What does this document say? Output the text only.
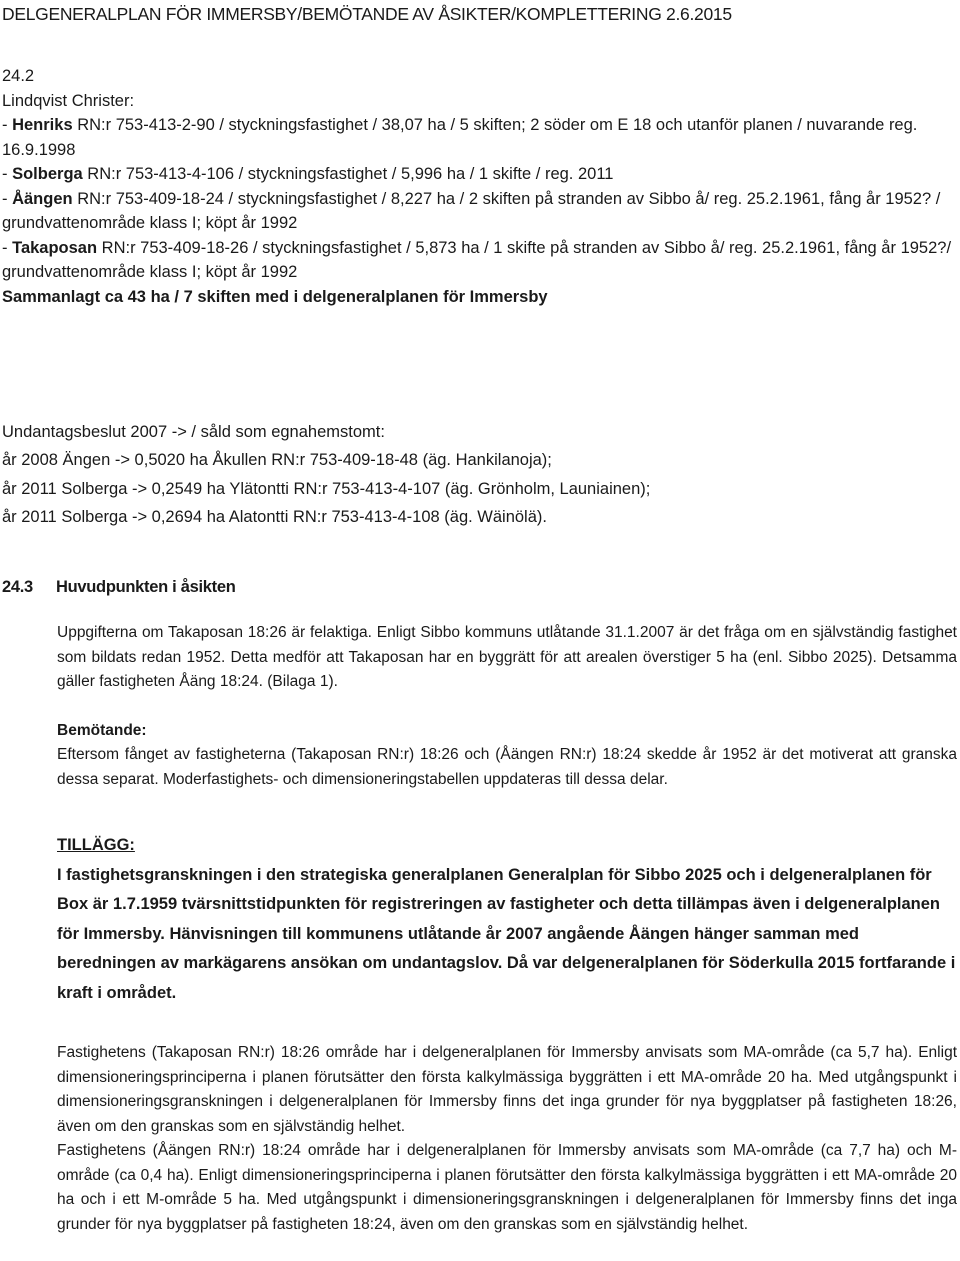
DELGENERALPLAN FÖR IMMERSBY/BEMÖTANDE AV ÅSIKTER/KOMPLETTERING 2.6.2015

24.2

Lindqvist Christer:

- Henriks RN:r 753-413-2-90 / styckningsfastighet / 38,07 ha / 5 skiften; 2 söder om E 18 och utanför planen / nuvarande reg. 16.9.1998

- Solberga RN:r 753-413-4-106 / styckningsfastighet / 5,996 ha / 1 skifte / reg. 2011

- Åängen RN:r 753-409-18-24 / styckningsfastighet / 8,227 ha / 2 skiften på stranden av Sibbo å/ reg. 25.2.1961, fång år 1952? / grundvattenområde klass I; köpt år 1992

- Takaposan RN:r 753-409-18-26 / styckningsfastighet / 5,873 ha / 1 skifte på stranden av Sibbo å/ reg. 25.2.1961, fång år 1952?/ grundvattenområde klass I; köpt år 1992

Sammanlagt ca 43 ha / 7 skiften med i delgeneralplanen för Immersby

Undantagsbeslut 2007 -> / såld som egnahemstomt:

år 2008 Ängen -> 0,5020 ha Åkullen RN:r 753-409-18-48 (äg. Hankilanoja);

år 2011 Solberga -> 0,2549 ha Ylätontti RN:r 753-413-4-107 (äg. Grönholm, Launiainen);

år 2011 Solberga -> 0,2694 ha Alatontti RN:r 753-413-4-108 (äg. Wäinölä).

24.3 Huvudpunkten i åsikten

Uppgifterna om Takaposan 18:26 är felaktiga. Enligt Sibbo kommuns utlåtande 31.1.2007 är det fråga om en självständig fastighet som bildats redan 1952. Detta medför att Takaposan har en byggrätt för att arealen överstiger 5 ha (enl. Sibbo 2025). Detsamma gäller fastigheten Åäng 18:24. (Bilaga 1).

Bemötande:

Eftersom fånget av fastigheterna (Takaposan RN:r) 18:26 och (Åängen RN:r) 18:24 skedde år 1952 är det motiverat att granska dessa separat. Moderfastighets- och dimensioneringstabellen uppdateras till dessa delar.

TILLÄGG:

I fastighetsgranskningen i den strategiska generalplanen Generalplan för Sibbo 2025 och i delgeneralplanen för Box är 1.7.1959 tvärsnittstidpunkten för registreringen av fastigheter och detta tillämpas även i delgeneralplanen för Immersby. Hänvisningen till kommunens utlåtande år 2007 angående Åängen hänger samman med beredningen av markägarens ansökan om undantagslov. Då var delgeneralplanen för Söderkulla 2015 fortfarande i kraft i området.

Fastighetens (Takaposan RN:r) 18:26 område har i delgeneralplanen för Immersby anvisats som MA-område (ca 5,7 ha). Enligt dimensioneringsprinciperna i planen förutsätter den första kalkylmässiga byggrätten i ett MA-område 20 ha. Med utgångspunkt i dimensioneringsgranskningen i delgeneralplanen för Immersby finns det inga grunder för nya byggplatser på fastigheten 18:26, även om den granskas som en självständig helhet.

Fastighetens (Åängen RN:r) 18:24 område har i delgeneralplanen för Immersby anvisats som MA-område (ca 7,7 ha) och M-område (ca 0,4 ha). Enligt dimensioneringsprinciperna i planen förutsätter den första kalkylmässiga byggrätten i ett MA-område 20 ha och i ett M-område 5 ha. Med utgångspunkt i dimensioneringsgranskningen i delgeneralplanen för Immersby finns det inga grunder för nya byggplatser på fastigheten 18:24, även om den granskas som en självständig helhet.
